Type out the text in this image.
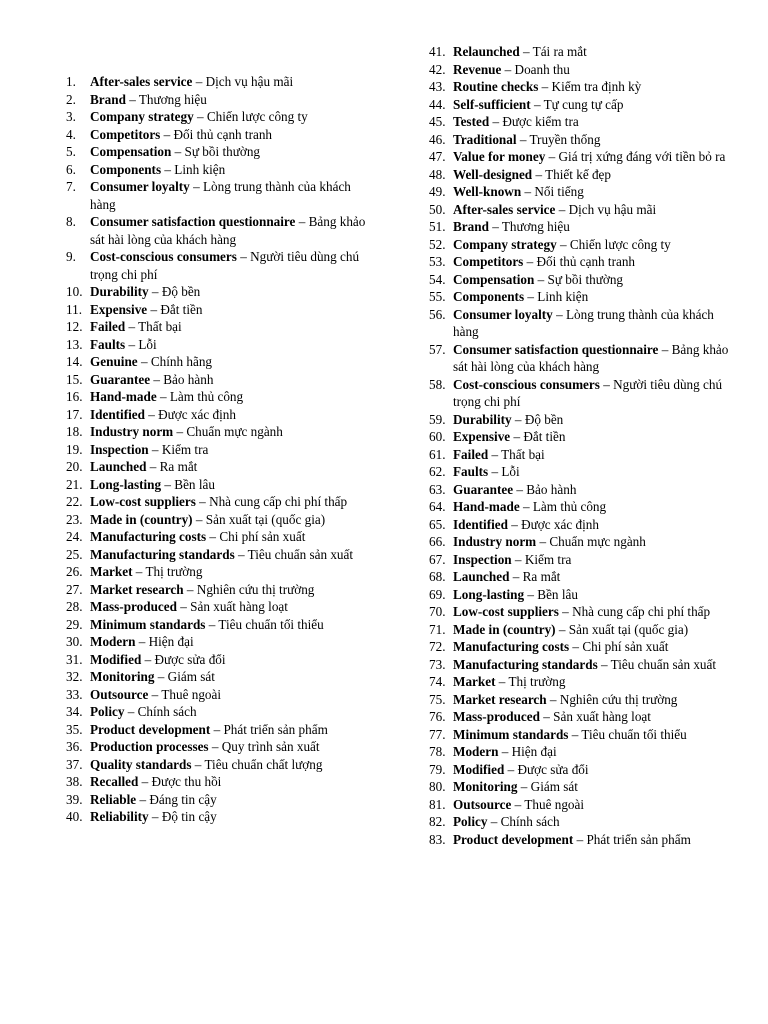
1. After-sales service – Dịch vụ hậu mãi
2. Brand – Thương hiệu
3. Company strategy – Chiến lược công ty
4. Competitors – Đối thủ cạnh tranh
5. Compensation – Sự bồi thường
6. Components – Linh kiện
7. Consumer loyalty – Lòng trung thành của khách hàng
8. Consumer satisfaction questionnaire – Bảng khảo sát hài lòng của khách hàng
9. Cost-conscious consumers – Người tiêu dùng chú trọng chi phí
10. Durability – Độ bền
11. Expensive – Đắt tiền
12. Failed – Thất bại
13. Faults – Lỗi
14. Genuine – Chính hãng
15. Guarantee – Bảo hành
16. Hand-made – Làm thủ công
17. Identified – Được xác định
18. Industry norm – Chuẩn mực ngành
19. Inspection – Kiểm tra
20. Launched – Ra mắt
21. Long-lasting – Bền lâu
22. Low-cost suppliers – Nhà cung cấp chi phí thấp
23. Made in (country) – Sản xuất tại (quốc gia)
24. Manufacturing costs – Chi phí sản xuất
25. Manufacturing standards – Tiêu chuẩn sản xuất
26. Market – Thị trường
27. Market research – Nghiên cứu thị trường
28. Mass-produced – Sản xuất hàng loạt
29. Minimum standards – Tiêu chuẩn tối thiểu
30. Modern – Hiện đại
31. Modified – Được sửa đổi
32. Monitoring – Giám sát
33. Outsource – Thuê ngoài
34. Policy – Chính sách
35. Product development – Phát triển sản phẩm
36. Production processes – Quy trình sản xuất
37. Quality standards – Tiêu chuẩn chất lượng
38. Recalled – Được thu hồi
39. Reliable – Đáng tin cậy
40. Reliability – Độ tin cậy
41. Relaunched – Tái ra mắt
42. Revenue – Doanh thu
43. Routine checks – Kiểm tra định kỳ
44. Self-sufficient – Tự cung tự cấp
45. Tested – Được kiểm tra
46. Traditional – Truyền thống
47. Value for money – Giá trị xứng đáng với tiền bỏ ra
48. Well-designed – Thiết kế đẹp
49. Well-known – Nổi tiếng
50. After-sales service – Dịch vụ hậu mãi
51. Brand – Thương hiệu
52. Company strategy – Chiến lược công ty
53. Competitors – Đối thủ cạnh tranh
54. Compensation – Sự bồi thường
55. Components – Linh kiện
56. Consumer loyalty – Lòng trung thành của khách hàng
57. Consumer satisfaction questionnaire – Bảng khảo sát hài lòng của khách hàng
58. Cost-conscious consumers – Người tiêu dùng chú trọng chi phí
59. Durability – Độ bền
60. Expensive – Đắt tiền
61. Failed – Thất bại
62. Faults – Lỗi
63. Guarantee – Bảo hành
64. Hand-made – Làm thủ công
65. Identified – Được xác định
66. Industry norm – Chuẩn mực ngành
67. Inspection – Kiểm tra
68. Launched – Ra mắt
69. Long-lasting – Bền lâu
70. Low-cost suppliers – Nhà cung cấp chi phí thấp
71. Made in (country) – Sản xuất tại (quốc gia)
72. Manufacturing costs – Chi phí sản xuất
73. Manufacturing standards – Tiêu chuẩn sản xuất
74. Market – Thị trường
75. Market research – Nghiên cứu thị trường
76. Mass-produced – Sản xuất hàng loạt
77. Minimum standards – Tiêu chuẩn tối thiểu
78. Modern – Hiện đại
79. Modified – Được sửa đổi
80. Monitoring – Giám sát
81. Outsource – Thuê ngoài
82. Policy – Chính sách
83. Product development – Phát triển sản phẩm
